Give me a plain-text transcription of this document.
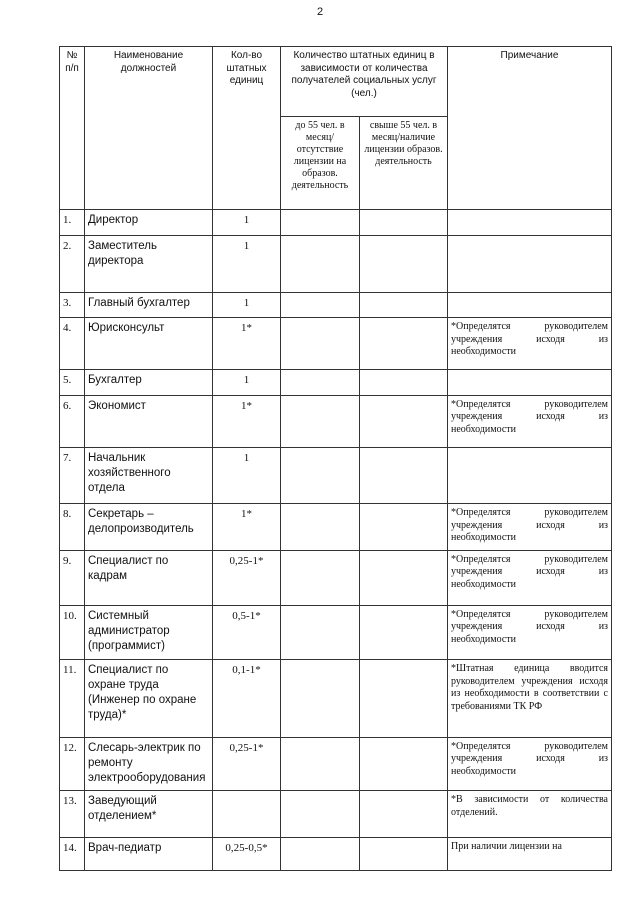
2
№ п/п	Наименование должностей	Кол-во штатных единиц	Количество штатных единиц в зависимости от количества получателей социальных услуг (чел.)		Примечание
			до 55 чел. в месяц/отсутствие лицензии на образов. деятельность	свыше 55 чел. в месяц/наличие лицензии образов. деятельность	
1.	Директор	1			
2.	Заместитель директора	1			
3.	Главный бухгалтер	1			
4.	Юрисконсульт	1*			*Определятся руководителем учреждения исходя из необходимости
5.	Бухгалтер	1			
6.	Экономист	1*			*Определятся руководителем учреждения исходя из необходимости
7.	Начальник хозяйственного отдела	1			
8.	Секретарь – делопроизводитель	1*			*Определятся руководителем учреждения исходя из необходимости
9.	Специалист по кадрам	0,25-1*			*Определятся руководителем учреждения исходя из необходимости
10.	Системный администратор (программист)	0,5-1*			*Определятся руководителем учреждения исходя из необходимости
11.	Специалист по охране труда (Инженер по охране труда)*	0,1-1*			*Штатная единица вводится руководителем учреждения исходя из необходимости в соответствии с требованиями ТК РФ
12.	Слесарь-электрик по ремонту электрооборудования	0,25-1*			*Определятся руководителем учреждения исходя из необходимости
13.	Заведующий отделением*				*В зависимости от количества отделений.
14.	Врач-педиатр	0,25-0,5*			При наличии лицензии на
